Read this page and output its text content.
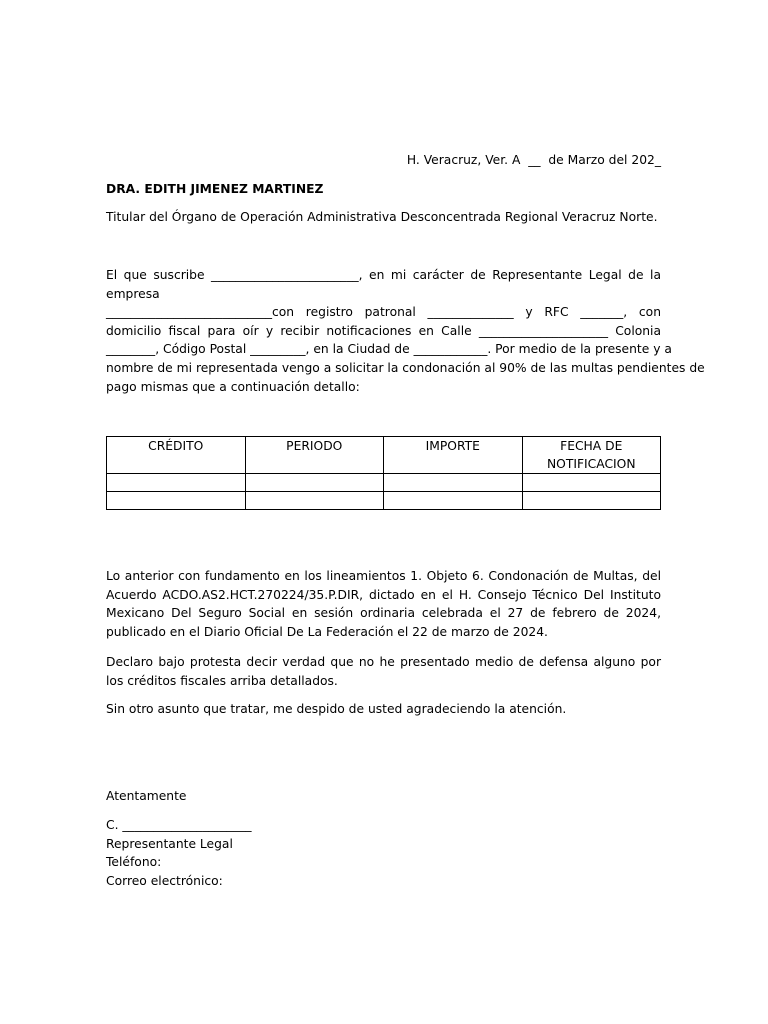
H. Veracruz, Ver. A  __  de Marzo del 202_
DRA. EDITH JIMENEZ MARTINEZ
Titular del Órgano de Operación Administrativa Desconcentrada Regional Veracruz Norte.
El que suscribe ________________________, en mi carácter de Representante Legal de la
empresa
___________________________con registro patronal ______________ y RFC _______, con
domicilio fiscal para oír y recibir notificaciones en Calle _____________________ Colonia
________, Código Postal _________, en la Ciudad de ____________. Por medio de la presente y a
nombre de mi representada vengo a solicitar la condonación al 90% de las multas pendientes de
pago mismas que a continuación detallo:
CRÉDITO	PERIODO	IMPORTE	FECHA DE NOTIFICACION

Lo anterior con fundamento en los lineamientos 1. Objeto 6. Condonación de Multas, del Acuerdo ACDO.AS2.HCT.270224/35.P.DIR, dictado en el H. Consejo Técnico Del Instituto Mexicano Del Seguro Social en sesión ordinaria celebrada el 27 de febrero de 2024, publicado en el Diario Oficial De La Federación el 22 de marzo de 2024.
Declaro bajo protesta decir verdad que no he presentado medio de defensa alguno por los créditos fiscales arriba detallados.
Sin otro asunto que tratar, me despido de usted agradeciendo la atención.
Atentamente
C. _____________________
Representante Legal
Teléfono:
Correo electrónico:
